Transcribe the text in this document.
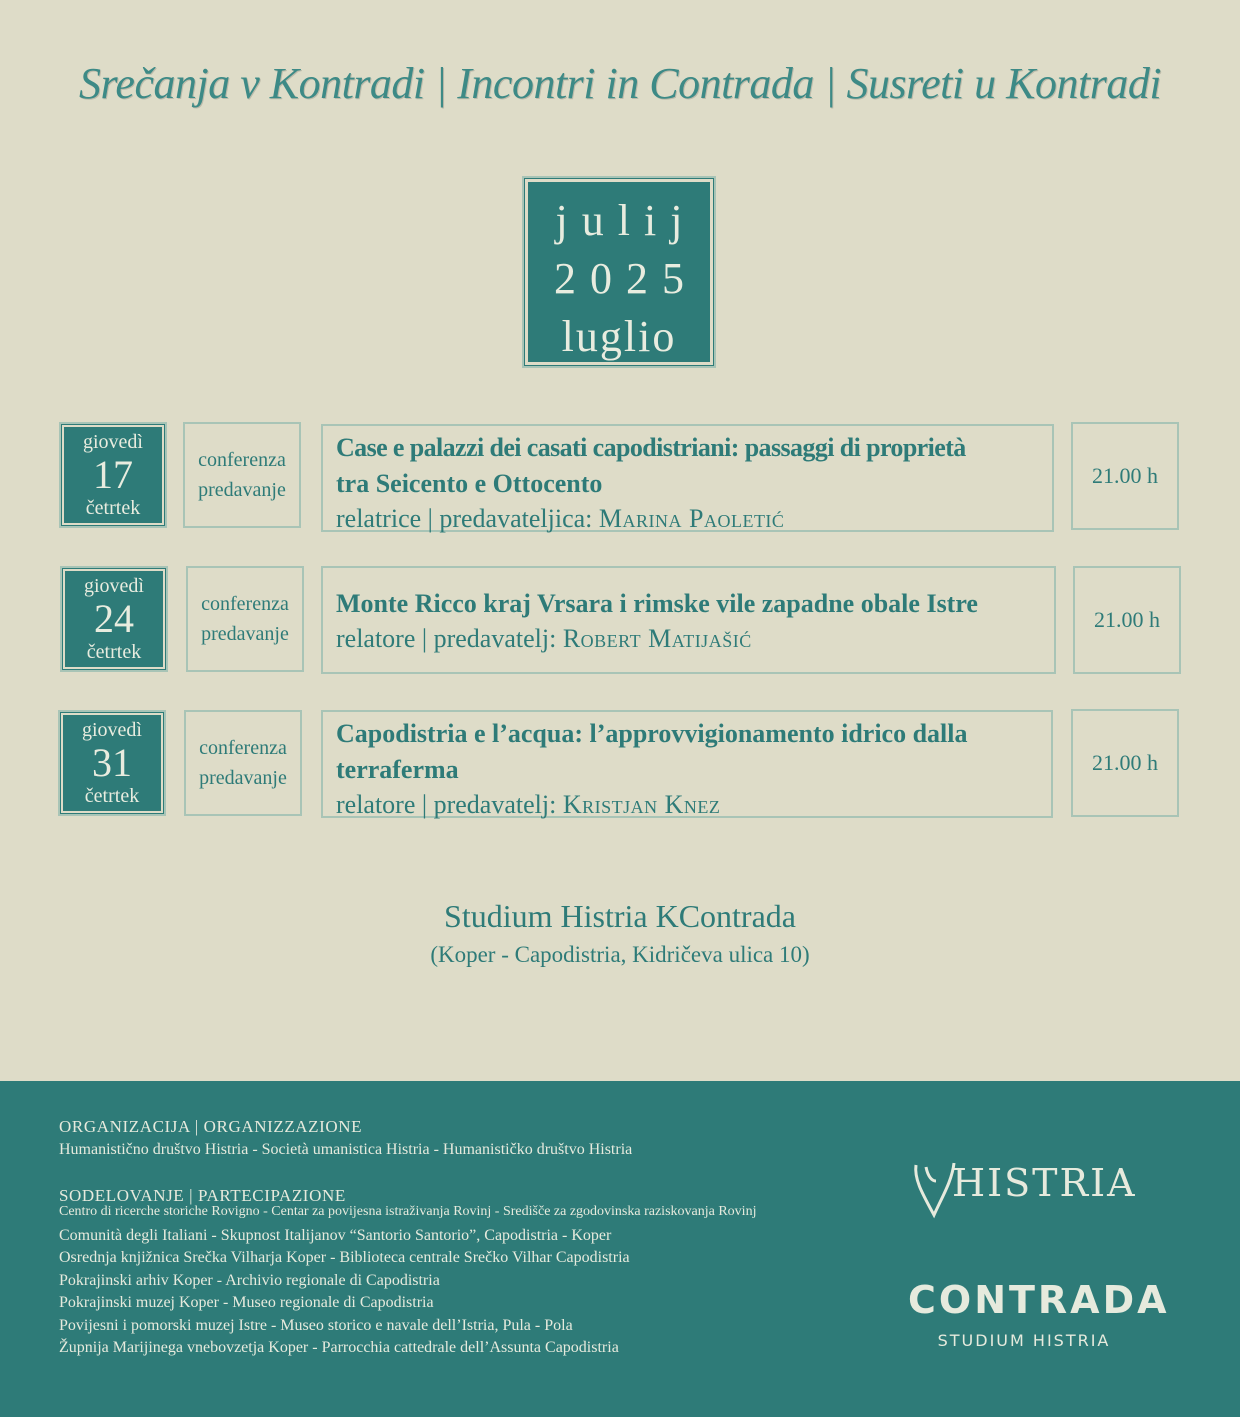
Srečanja v Kontradi | Incontri in Contrada | Susreti u Kontradi
julij
2025
luglio
giovedì
17
četrtek
conferenza
predavanje
Case e palazzi dei casati capodistriani: passaggi di proprietà
tra Seicento e Ottocento
relatrice | predavateljica: Marina Paoletić
21.00 h
giovedì
24
četrtek
conferenza
predavanje
Monte Ricco kraj Vrsara i rimske vile zapadne obale Istre
relatore | predavatelj: Robert Matijašić
21.00 h
giovedì
31
četrtek
conferenza
predavanje
Capodistria e l’acqua: l’approvvigionamento idrico dalla
terraferma
relatore | predavatelj: Kristjan Knez
21.00 h
Studium Histria KContrada
(Koper - Capodistria, Kidričeva ulica 10)
ORGANIZACIJA | ORGANIZZAZIONE
Humanistično društvo Histria - Società umanistica Histria - Humanističko društvo Histria
SODELOVANJE | PARTECIPAZIONE
Centro di ricerche storiche Rovigno - Centar za povijesna istraživanja Rovinj - Središče za zgodovinska raziskovanja Rovinj
Comunità degli Italiani - Skupnost Italijanov “Santorio Santorio”, Capodistria - Koper
Osrednja knjižnica Srečka Vilharja Koper - Biblioteca centrale Srečko Vilhar Capodistria
Pokrajinski arhiv Koper - Archivio regionale di Capodistria
Pokrajinski muzej Koper - Museo regionale di Capodistria
Povijesni i pomorski muzej Istre - Museo storico e navale dell’Istria, Pula - Pola
Župnija Marijinega vnebovzetja Koper - Parrocchia cattedrale dell’Assunta Capodistria
HISTRIA
CONTRADA
STUDIUM HISTRIA
